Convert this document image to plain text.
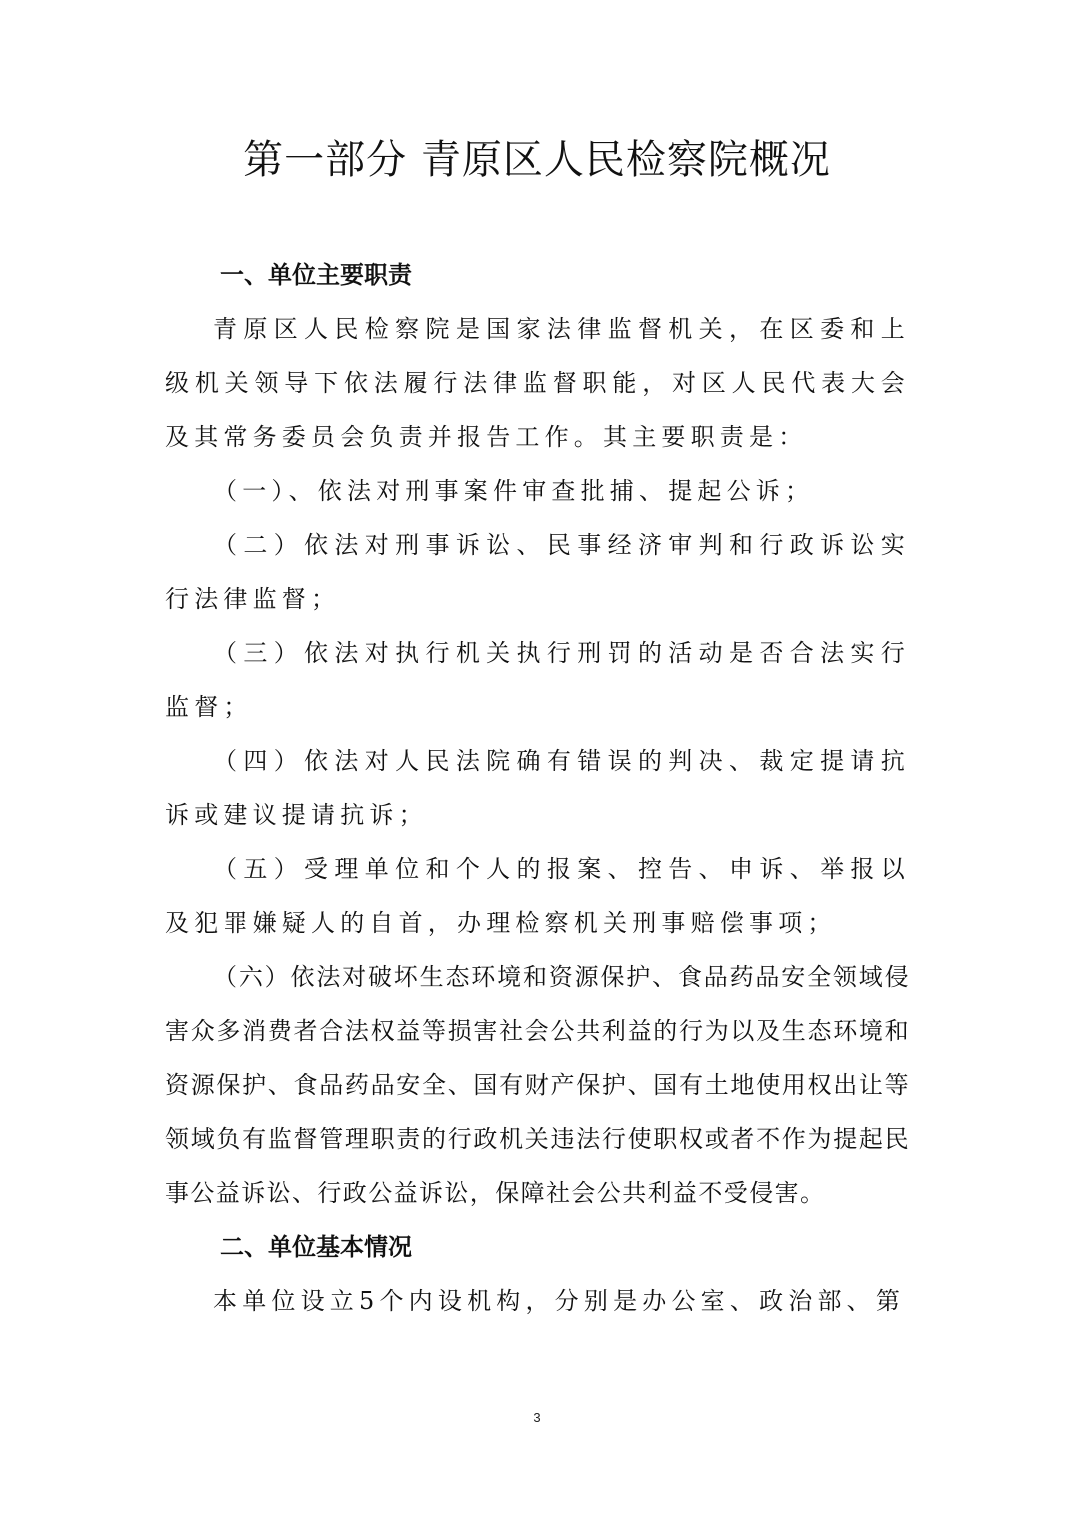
第一部分 青原区人民检察院概况

一、单位主要职责

青原区人民检察院是国家法律监督机关，在区委和上级机关领导下依法履行法律监督职能，对区人民代表大会及其常务委员会负责并报告工作。其主要职责是：

（一）、依法对刑事案件审查批捕、提起公诉；

（二）依法对刑事诉讼、民事经济审判和行政诉讼实行法律监督；

（三）依法对执行机关执行刑罚的活动是否合法实行监督；

（四）依法对人民法院确有错误的判决、裁定提请抗诉或建议提请抗诉；

（五）受理单位和个人的报案、控告、申诉、举报以及犯罪嫌疑人的自首，办理检察机关刑事赔偿事项；

（六）依法对破坏生态环境和资源保护、食品药品安全领域侵害众多消费者合法权益等损害社会公共利益的行为以及生态环境和资源保护、食品药品安全、国有财产保护、国有土地使用权出让等领域负有监督管理职责的行政机关违法行使职权或者不作为提起民事公益诉讼、行政公益诉讼，保障社会公共利益不受侵害。

二、单位基本情况

本单位设立5个内设机构，分别是办公室、政治部、第

3
